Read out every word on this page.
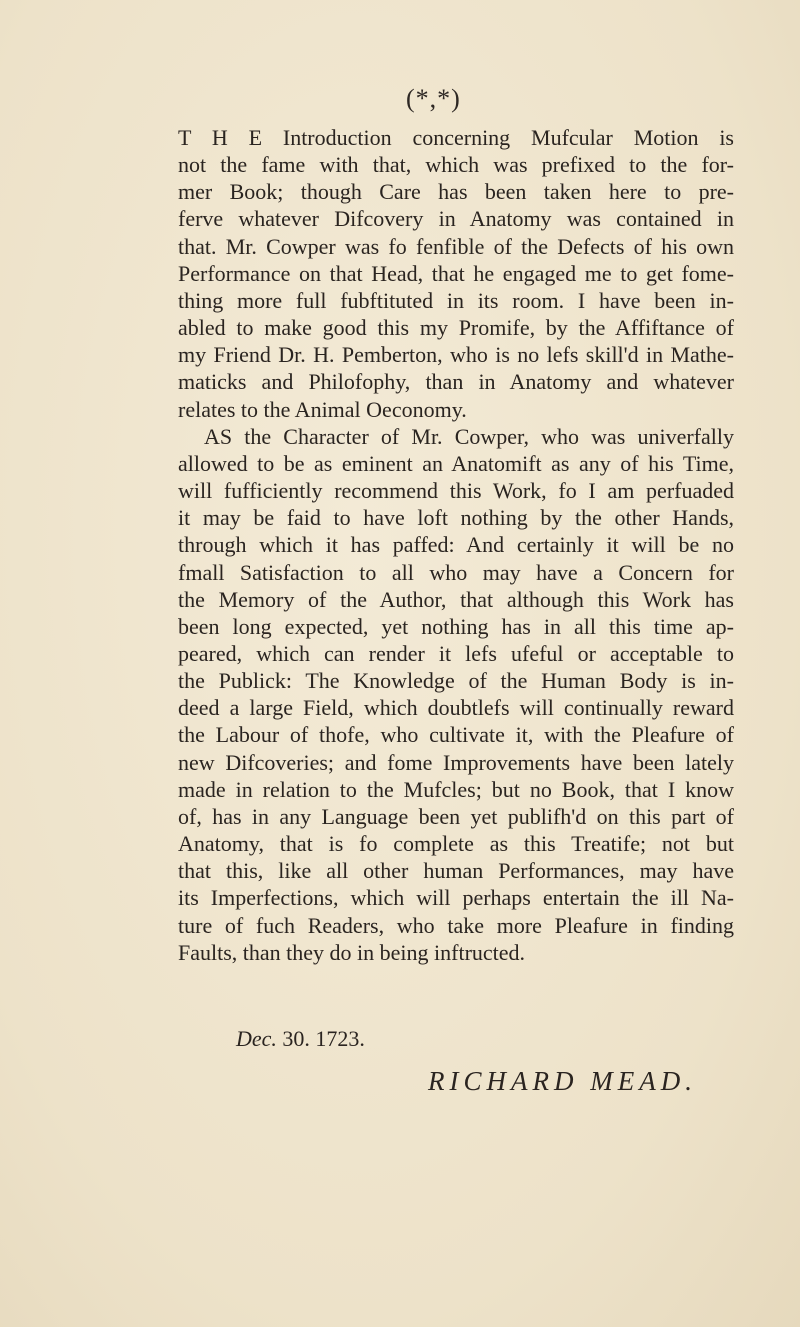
(*,*)
T H E Introduction concerning Mufcular Motion is
not the fame with that, which was prefixed to the for-
mer Book; though Care has been taken here to pre-
ferve whatever Difcovery in Anatomy was contained in
that. Mr. Cowper was fo fenfible of the Defects of his own
Performance on that Head, that he engaged me to get fome-
thing more full fubftituted in its room. I have been in-
abled to make good this my Promife, by the Affiftance of
my Friend Dr. H. Pemberton, who is no lefs skill'd in Mathe-
maticks and Philofophy, than in Anatomy and whatever
relates to the Animal Oeconomy.
AS the Character of Mr. Cowper, who was univerfally
allowed to be as eminent an Anatomift as any of his Time,
will fufficiently recommend this Work, fo I am perfuaded
it may be faid to have loft nothing by the other Hands,
through which it has paffed: And certainly it will be no
fmall Satisfaction to all who may have a Concern for
the Memory of the Author, that although this Work has
been long expected, yet nothing has in all this time ap-
peared, which can render it lefs ufeful or acceptable to
the Publick: The Knowledge of the Human Body is in-
deed a large Field, which doubtlefs will continually reward
the Labour of thofe, who cultivate it, with the Pleafure of
new Difcoveries; and fome Improvements have been lately
made in relation to the Mufcles; but no Book, that I know
of, has in any Language been yet publifh'd on this part of
Anatomy, that is fo complete as this Treatife; not but
that this, like all other human Performances, may have
its Imperfections, which will perhaps entertain the ill Na-
ture of fuch Readers, who take more Pleafure in finding
Faults, than they do in being inftructed.
Dec. 30. 1723.
RICHARD MEAD.
